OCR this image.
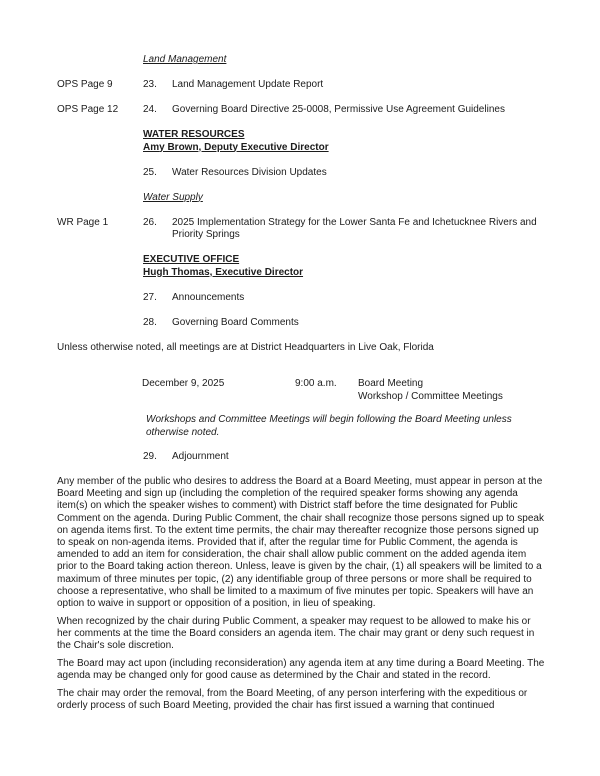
Land Management
OPS Page 9	23.	Land Management Update Report
OPS Page 12	24.	Governing Board Directive 25-0008, Permissive Use Agreement Guidelines
WATER RESOURCES
Amy Brown, Deputy Executive Director
25.	Water Resources Division Updates
Water Supply
WR Page 1	26.	2025 Implementation Strategy for the Lower Santa Fe and Ichetucknee Rivers and Priority Springs
EXECUTIVE OFFICE
Hugh Thomas, Executive Director
27.	Announcements
28.	Governing Board Comments
Unless otherwise noted, all meetings are at District Headquarters in Live Oak, Florida
December 9, 2025	9:00 a.m.	Board Meeting
Workshop / Committee Meetings
Workshops and Committee Meetings will begin following the Board Meeting unless otherwise noted.
29.	Adjournment

Any member of the public who desires to address the Board at a Board Meeting, must appear in person at the Board Meeting and sign up (including the completion of the required speaker forms showing any agenda item(s) on which the speaker wishes to comment) with District staff before the time designated for Public Comment on the agenda. During Public Comment, the chair shall recognize those persons signed up to speak on agenda items first. To the extent time permits, the chair may thereafter recognize those persons signed up to speak on non-agenda items. Provided that if, after the regular time for Public Comment, the agenda is amended to add an item for consideration, the chair shall allow public comment on the added agenda item prior to the Board taking action thereon. Unless, leave is given by the chair, (1) all speakers will be limited to a maximum of three minutes per topic, (2) any identifiable group of three persons or more shall be required to choose a representative, who shall be limited to a maximum of five minutes per topic. Speakers will have an option to waive in support or opposition of a position, in lieu of speaking.

When recognized by the chair during Public Comment, a speaker may request to be allowed to make his or her comments at the time the Board considers an agenda item. The chair may grant or deny such request in the Chair's sole discretion.

The Board may act upon (including reconsideration) any agenda item at any time during a Board Meeting. The agenda may be changed only for good cause as determined by the Chair and stated in the record.

The chair may order the removal, from the Board Meeting, of any person interfering with the expeditious or orderly process of such Board Meeting, provided the chair has first issued a warning that continued
